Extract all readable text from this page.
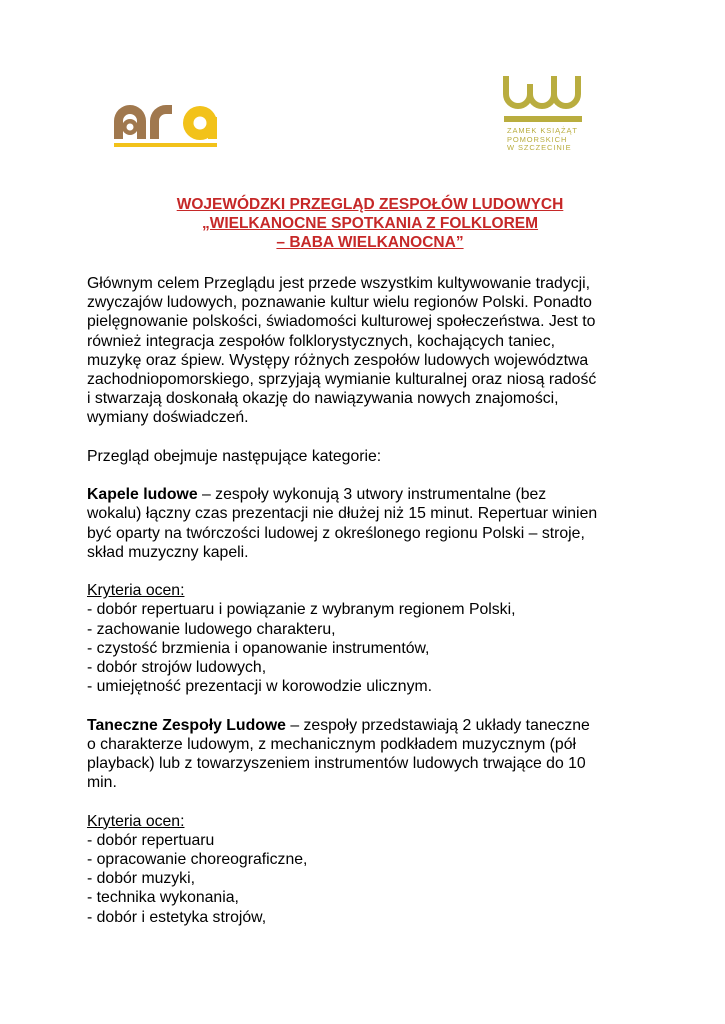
ZAMEK KSIĄŻĄT
POMORSKICH
W SZCZECINIE
WOJEWÓDZKI PRZEGLĄD ZESPOŁÓW LUDOWYCH
„WIELKANOCNE SPOTKANIA Z FOLKLOREM
– BABA WIELKANOCNA”

Głównym celem Przeglądu jest przede wszystkim kultywowanie tradycji,
zwyczajów ludowych, poznawanie kultur wielu regionów Polski. Ponadto
pielęgnowanie polskości, świadomości kulturowej społeczeństwa. Jest to
również integracja zespołów folklorystycznych, kochających taniec,
muzykę oraz śpiew. Występy różnych zespołów ludowych województwa
zachodniopomorskiego, sprzyjają wymianie kulturalnej oraz niosą radość
i stwarzają doskonałą okazję do nawiązywania nowych znajomości,
wymiany doświadczeń.

Przegląd obejmuje następujące kategorie:

Kapele ludowe – zespoły wykonują 3 utwory instrumentalne (bez
wokalu) łączny czas prezentacji nie dłużej niż 15 minut. Repertuar winien
być oparty na twórczości ludowej z określonego regionu Polski – stroje,
skład muzyczny kapeli.

Kryteria ocen:
- dobór repertuaru i powiązanie z wybranym regionem Polski,
- zachowanie ludowego charakteru,
- czystość brzmienia i opanowanie instrumentów,
- dobór strojów ludowych,
- umiejętność prezentacji w korowodzie ulicznym.

Taneczne Zespoły Ludowe – zespoły przedstawiają 2 układy taneczne
o charakterze ludowym, z mechanicznym podkładem muzycznym (pół
playback) lub z towarzyszeniem instrumentów ludowych trwające do 10
min.

Kryteria ocen:
- dobór repertuaru
- opracowanie choreograficzne,
- dobór muzyki,
- technika wykonania,
- dobór i estetyka strojów,
